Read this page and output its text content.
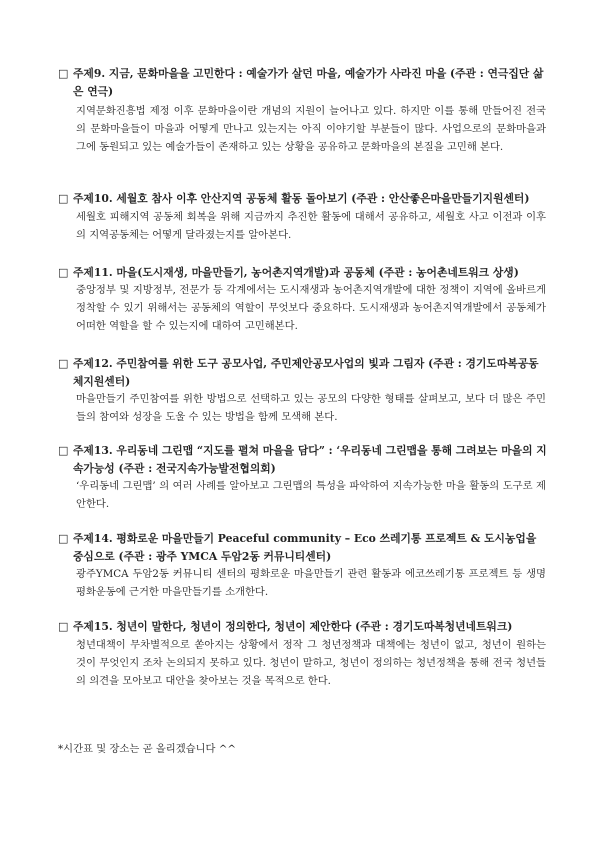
□ 주제9. 지금, 문화마을을 고민한다 : 예술가가 살던 마을, 예술가가 사라진 마을 (주관 : 연극집단 삶은 연극)
지역문화진흥법 제정 이후 문화마을이란 개념의 지원이 늘어나고 있다. 하지만 이를 통해 만들어진 전국의 문화마을들이 마을과 어떻게 만나고 있는지는 아직 이야기할 부분들이 많다. 사업으로의 문화마을과 그에 동원되고 있는 예술가들이 존재하고 있는 상황을 공유하고 문화마을의 본질을 고민해 본다.
□ 주제10. 세월호 참사 이후 안산지역 공동체 활동 돌아보기 (주관 : 안산좋은마을만들기지원센터)
세월호 피해지역 공동체 회복을 위해 지금까지 추진한 활동에 대해서 공유하고, 세월호 사고 이전과 이후의 지역공동체는 어떻게 달라졌는지를 알아본다.
□ 주제11. 마을(도시재생, 마을만들기, 농어촌지역개발)과 공동체 (주관 : 농어촌네트워크 상생)
중앙정부 및 지방정부, 전문가 등 각계에서는 도시재생과 농어촌지역개발에 대한 정책이 지역에 올바르게 정착할 수 있기 위해서는 공동체의 역할이 무엇보다 중요하다. 도시재생과 농어촌지역개발에서 공동체가 어떠한 역할을 할 수 있는지에 대하여 고민해본다.
□ 주제12. 주민참여를 위한 도구 공모사업, 주민제안공모사업의 빛과 그림자 (주관 : 경기도따복공동체지원센터)
마을만들기 주민참여를 위한 방법으로 선택하고 있는 공모의 다양한 형태를 살펴보고, 보다 더 많은 주민들의 참여와 성장을 도울 수 있는 방법을 함께 모색해 본다.
□ 주제13. 우리동네 그린맵 “지도를 펼쳐 마을을 담다” : ‘우리동네 그린맵을 통해 그려보는 마을의 지속가능성 (주관 : 전국지속가능발전협의회)
‘우리동네 그린맵’ 의 여러 사례를 알아보고 그린맵의 특성을 파악하여 지속가능한 마을 활동의 도구로 제안한다.
□ 주제14. 평화로운 마을만들기 Peaceful community – Eco 쓰레기통 프로젝트 & 도시농업을 중심으로 (주관 : 광주 YMCA 두암2동 커뮤니티센터)
광주YMCA 두암2동 커뮤니티 센터의 평화로운 마을만들기 관련 활동과 에코쓰레기통 프로젝트 등 생명평화운동에 근거한 마을만들기를 소개한다.
□ 주제15. 청년이 말한다, 청년이 정의한다, 청년이 제안한다 (주관 : 경기도따복청년네트워크)
청년대책이 무차별적으로 쏟아지는 상황에서 정작 그 청년정책과 대책에는 청년이 없고, 청년이 원하는 것이 무엇인지 조차 논의되지 못하고 있다. 청년이 말하고, 청년이 정의하는 청년정책을 통해 전국 청년들의 의견을 모아보고 대안을 찾아보는 것을 목적으로 한다.
*시간표 및 장소는 곧 올리겠습니다 ^^
